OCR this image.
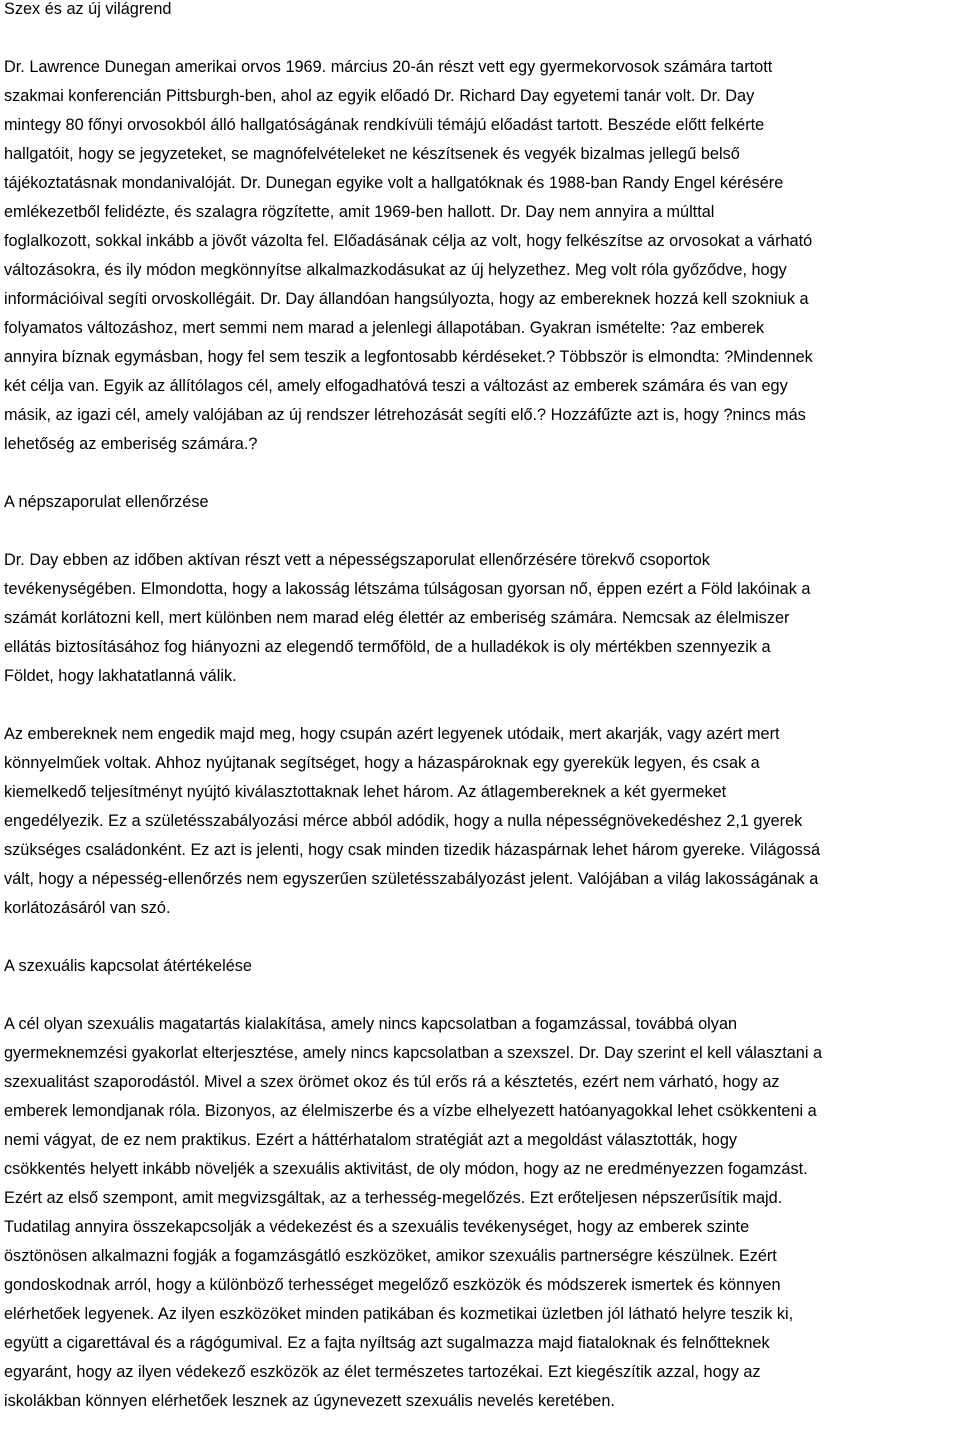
Szex és az új világrend

Dr. Lawrence Dunegan amerikai orvos 1969. március 20-án részt vett egy gyermekorvosok számára tartott
szakmai konferencián Pittsburgh-ben, ahol az egyik előadó Dr. Richard Day egyetemi tanár volt. Dr. Day
mintegy 80 főnyi orvosokból álló hallgatóságának rendkívüli témájú előadást tartott. Beszéde előtt felkérte
hallgatóit, hogy se jegyzeteket, se magnófelvételeket ne készítsenek és vegyék bizalmas jellegű belső
tájékoztatásnak mondanivalóját. Dr. Dunegan egyike volt a hallgatóknak és 1988-ban Randy Engel kérésére
emlékezetből felidézte, és szalagra rögzítette, amit 1969-ben hallott. Dr. Day nem annyira a múlttal
foglalkozott, sokkal inkább a jövőt vázolta fel. Előadásának célja az volt, hogy felkészítse az orvosokat a várható
változásokra, és ily módon megkönnyítse alkalmazkodásukat az új helyzethez. Meg volt róla győződve, hogy
információival segíti orvoskollégáit. Dr. Day állandóan hangsúlyozta, hogy az embereknek hozzá kell szokniuk a
folyamatos változáshoz, mert semmi nem marad a jelenlegi állapotában. Gyakran ismételte: ?az emberek
annyira bíznak egymásban, hogy fel sem teszik a legfontosabb kérdéseket.? Többször is elmondta: ?Mindennek
két célja van. Egyik az állítólagos cél, amely elfogadhatóvá teszi a változást az emberek számára és van egy
másik, az igazi cél, amely valójában az új rendszer létrehozását segíti elő.? Hozzáfűzte azt is, hogy ?nincs más
lehetőség az emberiség számára.?

A népszaporulat ellenőrzése

Dr. Day ebben az időben aktívan részt vett a népességszaporulat ellenőrzésére törekvő csoportok
tevékenységében. Elmondotta, hogy a lakosság létszáma túlságosan gyorsan nő, éppen ezért a Föld lakóinak a
számát korlátozni kell, mert különben nem marad elég élettér az emberiség számára. Nemcsak az élelmiszer
ellátás biztosításához fog hiányozni az elegendő termőföld, de a hulladékok is oly mértékben szennyezik a
Földet, hogy lakhatatlanná válik.

Az embereknek nem engedik majd meg, hogy csupán azért legyenek utódaik, mert akarják, vagy azért mert
könnyelműek voltak. Ahhoz nyújtanak segítséget, hogy a házaspároknak egy gyerekük legyen, és csak a
kiemelkedő teljesítményt nyújtó kiválasztottaknak lehet három. Az átlagembereknek a két gyermeket
engedélyezik. Ez a születésszabályozási mérce abból adódik, hogy a nulla népességnövekedéshez 2,1 gyerek
szükséges családonként. Ez azt is jelenti, hogy csak minden tizedik házaspárnak lehet három gyereke. Világossá
vált, hogy a népesség-ellenőrzés nem egyszerűen születésszabályozást jelent. Valójában a világ lakosságának a
korlátozásáról van szó.

A szexuális kapcsolat átértékelése

A cél olyan szexuális magatartás kialakítása, amely nincs kapcsolatban a fogamzással, továbbá olyan
gyermeknemzési gyakorlat elterjesztése, amely nincs kapcsolatban a szexszel. Dr. Day szerint el kell választani a
szexualitást szaporodástól. Mivel a szex örömet okoz és túl erős rá a késztetés, ezért nem várható, hogy az
emberek lemondjanak róla. Bizonyos, az élelmiszerbe és a vízbe elhelyezett hatóanyagokkal lehet csökkenteni a
nemi vágyat, de ez nem praktikus. Ezért a háttérhatalom stratégiát azt a megoldást választották, hogy
csökkentés helyett inkább növeljék a szexuális aktivitást, de oly módon, hogy az ne eredményezzen fogamzást.
Ezért az első szempont, amit megvizsgáltak, az a terhesség-megelőzés. Ezt erőteljesen népszerűsítik majd.
Tudatilag annyira összekapcsolják a védekezést és a szexuális tevékenységet, hogy az emberek szinte
ösztönösen alkalmazni fogják a fogamzásgátló eszközöket, amikor szexuális partnerségre készülnek. Ezért
gondoskodnak arról, hogy a különböző terhességet megelőző eszközök és módszerek ismertek és könnyen
elérhetőek legyenek. Az ilyen eszközöket minden patikában és kozmetikai üzletben jól látható helyre teszik ki,
együtt a cigarettával és a rágógumival. Ez a fajta nyíltság azt sugalmazza majd fiataloknak és felnőtteknek
egyaránt, hogy az ilyen védekező eszközök az élet természetes tartozékai. Ezt kiegészítik azzal, hogy az
iskolákban könnyen elérhetőek lesznek az úgynevezett szexuális nevelés keretében.
